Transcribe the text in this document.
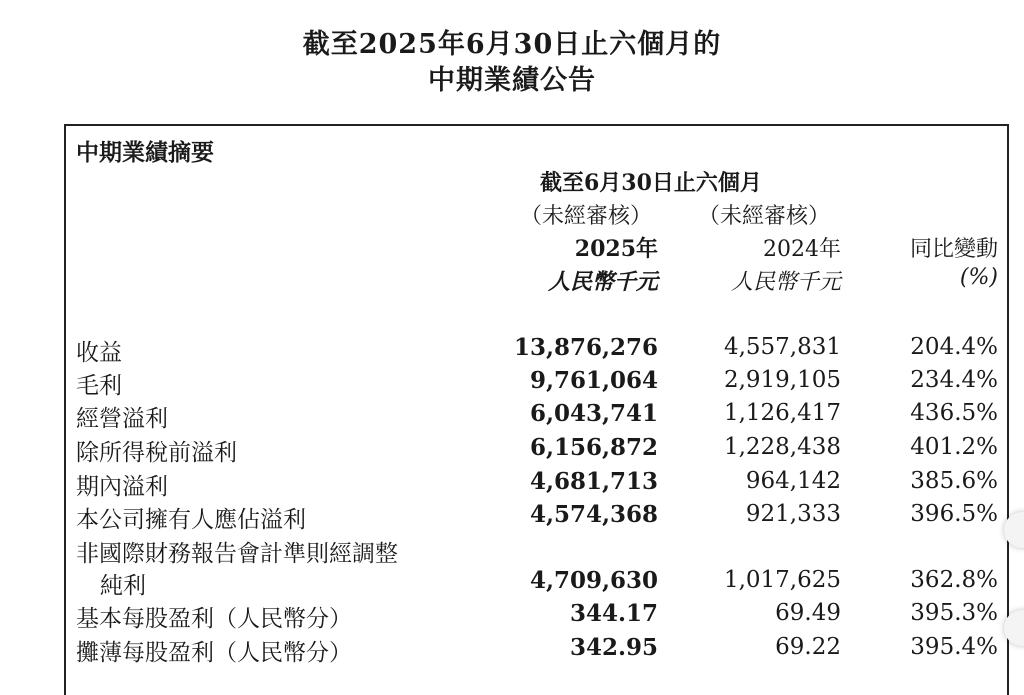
截至2025年6月30日止六個月的
中期業績公告
中期業績摘要
截至6月30日止六個月
（未經審核） （未經審核）
2025年	2024年	同比變動
人民幣千元	人民幣千元	(%)
收益	13,876,276	4,557,831	204.4%
毛利	9,761,064	2,919,105	234.4%
經營溢利	6,043,741	1,126,417	436.5%
除所得稅前溢利	6,156,872	1,228,438	401.2%
期內溢利	4,681,713	964,142	385.6%
本公司擁有人應佔溢利	4,574,368	921,333	396.5%
非國際財務報告會計準則經調整
純利	4,709,630	1,017,625	362.8%
基本每股盈利（人民幣分）	344.17	69.49	395.3%
攤薄每股盈利（人民幣分）	342.95	69.22	395.4%
